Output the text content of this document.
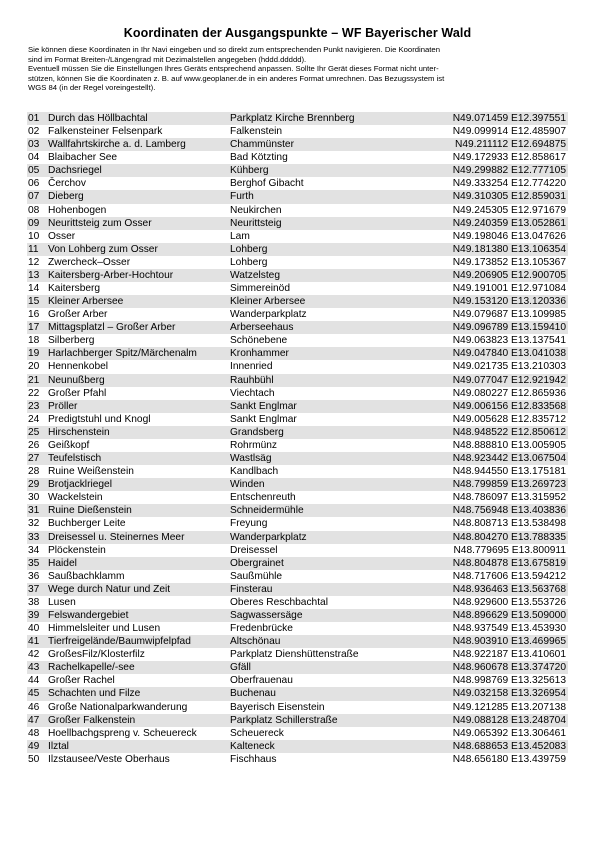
Koordinaten der Ausgangspunkte – WF Bayerischer Wald

Sie können diese Koordinaten in Ihr Navi eingeben und so direkt zum entsprechenden Punkt navigieren. Die Koordinaten
sind im Format Breiten-/Längengrad mit Dezimalstellen angegeben (hddd.ddddd).

Eventuell müssen Sie die Einstellungen Ihres Geräts entsprechend anpassen. Sollte Ihr Gerät dieses Format nicht unter-
stützen, können Sie die Koordinaten z. B. auf www.geoplaner.de in ein anderes Format umrechnen. Das Bezugssystem ist
WGS 84 (in der Regel voreingestellt).

01 Durch das Höllbachtal	Parkplatz Kirche Brennberg	N49.071459 E12.397551
02 Falkensteiner Felsenpark	Falkenstein	N49.099914 E12.485907
03 Wallfahrtskirche a. d. Lamberg	Chammünster	N49.211112 E12.694875
04 Blaibacher See	Bad Kötzting	N49.172933 E12.858617
05 Dachsriegel	Kühberg	N49.299882 E12.777105
06 Čerchov	Berghof Gibacht	N49.333254 E12.774220
07 Dieberg	Furth	N49.310305 E12.859031
08 Hohenbogen	Neukirchen	N49.245305 E12.971679
09 Neurittsteig zum Osser	Neurittsteig	N49.240359 E13.052861
10 Osser	Lam	N49.198046 E13.047626
11 Von Lohberg zum Osser	Lohberg	N49.181380 E13.106354
12 Zwercheck–Osser	Lohberg	N49.173852 E13.105367
13 Kaitersberg-Arber-Hochtour	Watzelsteg	N49.206905 E12.900705
14 Kaitersberg	Simmereinöd	N49.191001 E12.971084
15 Kleiner Arbersee	Kleiner Arbersee	N49.153120 E13.120336
16 Großer Arber	Wanderparkplatz	N49.079687 E13.109985
17 Mittagsplatzl – Großer Arber	Arberseehaus	N49.096789 E13.159410
18 Silberberg	Schönebene	N49.063823 E13.137541
19 Harlachberger Spitz/Märchenalm	Kronhammer	N49.047840 E13.041038
20 Hennenkobel	Innenried	N49.021735 E13.210303
21 Neunußberg	Rauhbühl	N49.077047 E12.921942
22 Großer Pfahl	Viechtach	N49.080227 E12.865936
23 Pröller	Sankt Englmar	N49.006156 E12.833568
24 Predigtstuhl und Knogl	Sankt Englmar	N49.005628 E12.835712
25 Hirschenstein	Grandsberg	N48.948522 E12.850612
26 Geißkopf	Rohrmünz	N48.888810 E13.005905
27 Teufelstisch	Wastlsäg	N48.923442 E13.067504
28 Ruine Weißenstein	Kandlbach	N48.944550 E13.175181
29 Brotjacklriegel	Winden	N48.799859 E13.269723
30 Wackelstein	Entschenreuth	N48.786097 E13.315952
31 Ruine Dießenstein	Schneidermühle	N48.756948 E13.403836
32 Buchberger Leite	Freyung	N48.808713 E13.538498
33 Dreisessel u. Steinernes Meer	Wanderparkplatz	N48.804270 E13.788335
34 Plöckenstein	Dreisessel	N48.779695 E13.800911
35 Haidel	Obergrainet	N48.804878 E13.675819
36 Saußbachklamm	Saußmühle	N48.717606 E13.594212
37 Wege durch Natur und Zeit	Finsterau	N48.936463 E13.563768
38 Lusen	Oberes Reschbachtal	N48.929600 E13.553726
39 Felswandergebiet	Sagwassersäge	N48.896629 E13.509000
40 Himmelsleiter und Lusen	Fredenbrücke	N48.937549 E13.453930
41 Tierfreigelände/Baumwipfelpfad	Altschönau	N48.903910 E13.469965
42 GroßesFilz/Klosterfilz	Parkplatz Dienshüttenstraße	N48.922187 E13.410601
43 Rachelkapelle/-see	Gfäll	N48.960678 E13.374720
44 Großer Rachel	Oberfrauenau	N48.998769 E13.325613
45 Schachten und Filze	Buchenau	N49.032158 E13.326954
46 Große Nationalparkwanderung	Bayerisch Eisenstein	N49.121285 E13.207138
47 Großer Falkenstein	Parkplatz Schillerstraße	N49.088128 E13.248704
48 Hoellbachgspreng v. Scheuereck	Scheuereck	N49.065392 E13.306461
49 Ilztal	Kalteneck	N48.688653 E13.452083
50 Ilzstausee/Veste Oberhaus	Fischhaus	N48.656180 E13.439759
